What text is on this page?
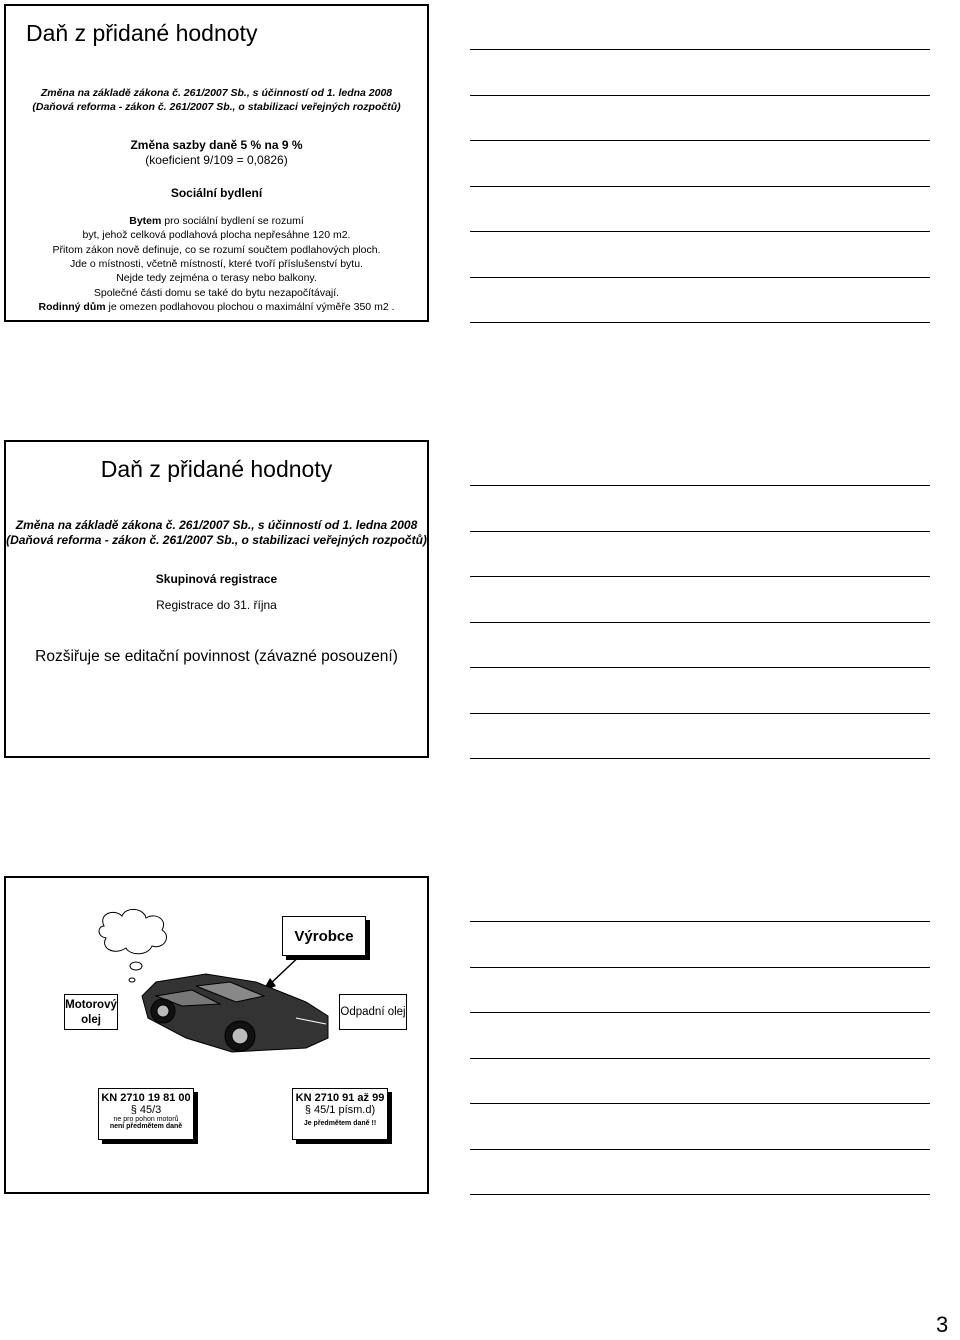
Daň z přidané hodnoty
Změna na základě zákona č. 261/2007 Sb., s účinností od 1. ledna 2008
(Daňová reforma - zákon č. 261/2007 Sb., o stabilizaci veřejných rozpočtů)
Změna sazby daně 5 % na 9 %
(koeficient 9/109 = 0,0826)
Sociální bydlení
Bytem pro sociální bydlení se rozumí
byt, jehož celková podlahová plocha nepřesáhne 120 m2.
Přitom zákon nově definuje, co se rozumí součtem podlahových ploch.
Jde o místnosti, včetně místností, které tvoří příslušenství bytu.
Nejde tedy zejména o terasy nebo balkony.
Společné části domu se také do bytu nezapočítávají.
Rodinný dům je omezen podlahovou plochou o maximální výměře 350 m2 .
Daň z přidané hodnoty
Změna na základě zákona č. 261/2007 Sb., s účinností od 1. ledna 2008
(Daňová reforma - zákon č. 261/2007 Sb., o stabilizaci veřejných rozpočtů)
Skupinová registrace
Registrace do 31. října
Rozšiřuje se editační povinnost (závazné posouzení)
Výrobce
Motorový olej
Odpadní olej
KN 2710 19 81 00
§ 45/3
ne pro pohon motorů
není předmětem daně
KN 2710 91 až 99
§ 45/1 písm.d)
Je předmětem daně !!
3
